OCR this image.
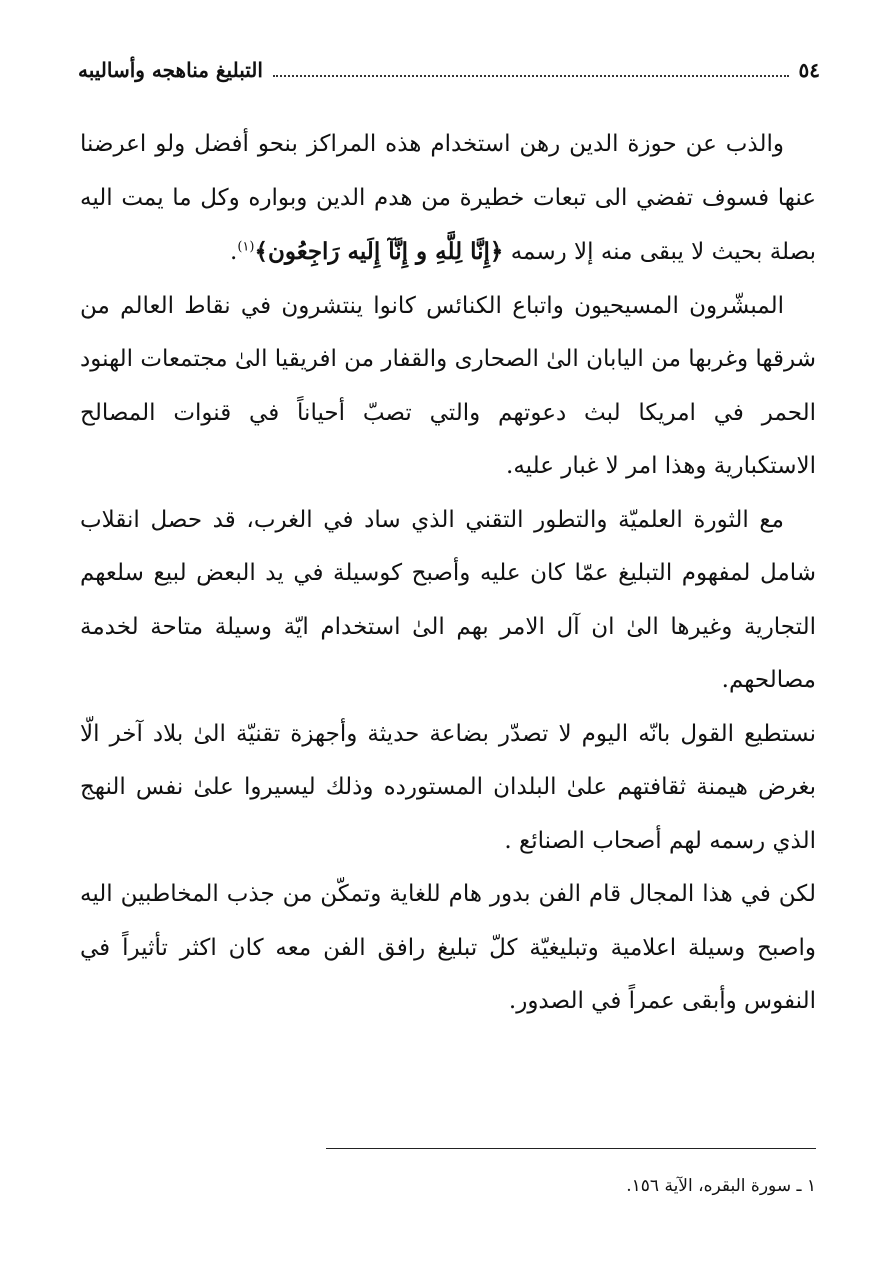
٥٤
التبليغ مناهجه وأساليبه

والذب عن حوزة الدين رهن استخدام هذه المراكز بنحو أفضل ولو اعرضنا عنها فسوف تفضي الى تبعات خطيرة من هدم الدين وبواره وكل ما يمت اليه بصلة بحيث لا يبقى منه إلا رسمه ﴿إِنَّا لِلَّهِ و إِنَّآ إِلَيه رَاجِعُون﴾$^{(١)}$.

المبشّرون المسيحيون واتباع الكنائس كانوا ينتشرون في نقاط العالم من شرقها وغربها من اليابان الىٰ الصحارى والقفار من افريقيا الىٰ مجتمعات الهنود الحمر في امريكا لبث دعوتهم والتي تصبّ أحياناً في قنوات المصالح الاستكبارية وهذا امر لا غبار عليه.

مع الثورة العلميّة والتطور التقني الذي ساد في الغرب، قد حصل انقلاب شامل لمفهوم التبليغ عمّا كان عليه وأصبح كوسيلة في يد البعض لبيع سلعهم التجارية وغيرها الىٰ ان آل الامر بهم الىٰ استخدام ايّة وسيلة متاحة لخدمة مصالحهم.

نستطيع القول بانّه اليوم لا تصدّر بضاعة حديثة وأجهزة تقنيّة الىٰ بلاد آخر الّا بغرض هيمنة ثقافتهم علىٰ البلدان المستورده وذلك ليسيروا علىٰ نفس النهج الذي رسمه لهم أصحاب الصنائع .

لكن في هذا المجال قام الفن بدور هام للغاية وتمكّن من جذب المخاطبين اليه واصبح وسيلة اعلامية وتبليغيّة كلّ تبليغ رافق الفن معه كان اكثر تأثيراً في النفوس وأبقى عمراً في الصدور.

١ ـ سورة البقره، الآية ١٥٦.
